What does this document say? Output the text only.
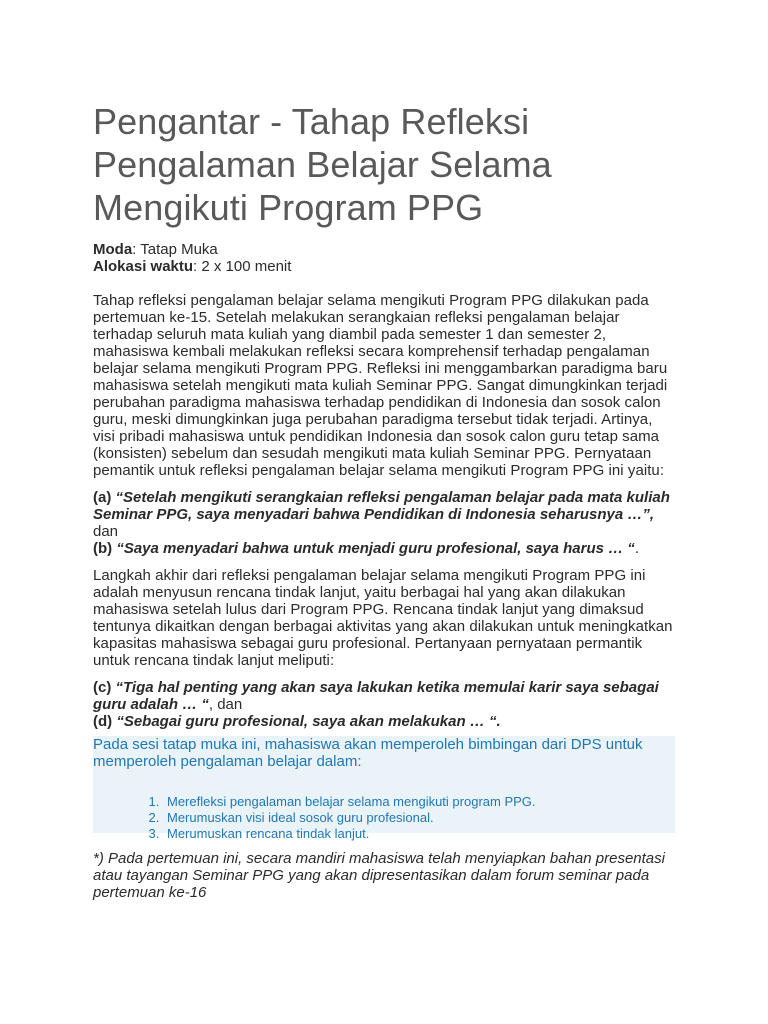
Pengantar - Tahap Refleksi Pengalaman Belajar Selama Mengikuti Program PPG

Moda: Tatap Muka

Alokasi waktu: 2 x 100 menit

Tahap refleksi pengalaman belajar selama mengikuti Program PPG dilakukan pada pertemuan ke-15. Setelah melakukan serangkaian refleksi pengalaman belajar terhadap seluruh mata kuliah yang diambil pada semester 1 dan semester 2, mahasiswa kembali melakukan refleksi secara komprehensif terhadap pengalaman belajar selama mengikuti Program PPG. Refleksi ini menggambarkan paradigma baru mahasiswa setelah mengikuti mata kuliah Seminar PPG. Sangat dimungkinkan terjadi perubahan paradigma mahasiswa terhadap pendidikan di Indonesia dan sosok calon guru, meski dimungkinkan juga perubahan paradigma tersebut tidak terjadi. Artinya, visi pribadi mahasiswa untuk pendidikan Indonesia dan sosok calon guru tetap sama (konsisten) sebelum dan sesudah mengikuti mata kuliah Seminar PPG. Pernyataan pemantik untuk refleksi pengalaman belajar selama mengikuti Program PPG ini yaitu:

(a) “Setelah mengikuti serangkaian refleksi pengalaman belajar pada mata kuliah Seminar PPG, saya menyadari bahwa Pendidikan di Indonesia seharusnya …”, dan
(b) “Saya menyadari bahwa untuk menjadi guru profesional, saya harus … “.

Langkah akhir dari refleksi pengalaman belajar selama mengikuti Program PPG ini adalah menyusun rencana tindak lanjut, yaitu berbagai hal yang akan dilakukan mahasiswa setelah lulus dari Program PPG. Rencana tindak lanjut yang dimaksud tentunya dikaitkan dengan berbagai aktivitas yang akan dilakukan untuk meningkatkan kapasitas mahasiswa sebagai guru profesional. Pertanyaan pernyataan permantik untuk rencana tindak lanjut meliputi:

(c) “Tiga hal penting yang akan saya lakukan ketika memulai karir saya sebagai guru adalah … “, dan
(d) “Sebagai guru profesional, saya akan melakukan … “.

Pada sesi tatap muka ini, mahasiswa akan memperoleh bimbingan dari DPS untuk memperoleh pengalaman belajar dalam:

1. Merefleksi pengalaman belajar selama mengikuti program PPG.
2. Merumuskan visi ideal sosok guru profesional.
3. Merumuskan rencana tindak lanjut.

*) Pada pertemuan ini, secara mandiri mahasiswa telah menyiapkan bahan presentasi atau tayangan Seminar PPG yang akan dipresentasikan dalam forum seminar pada pertemuan ke-16
